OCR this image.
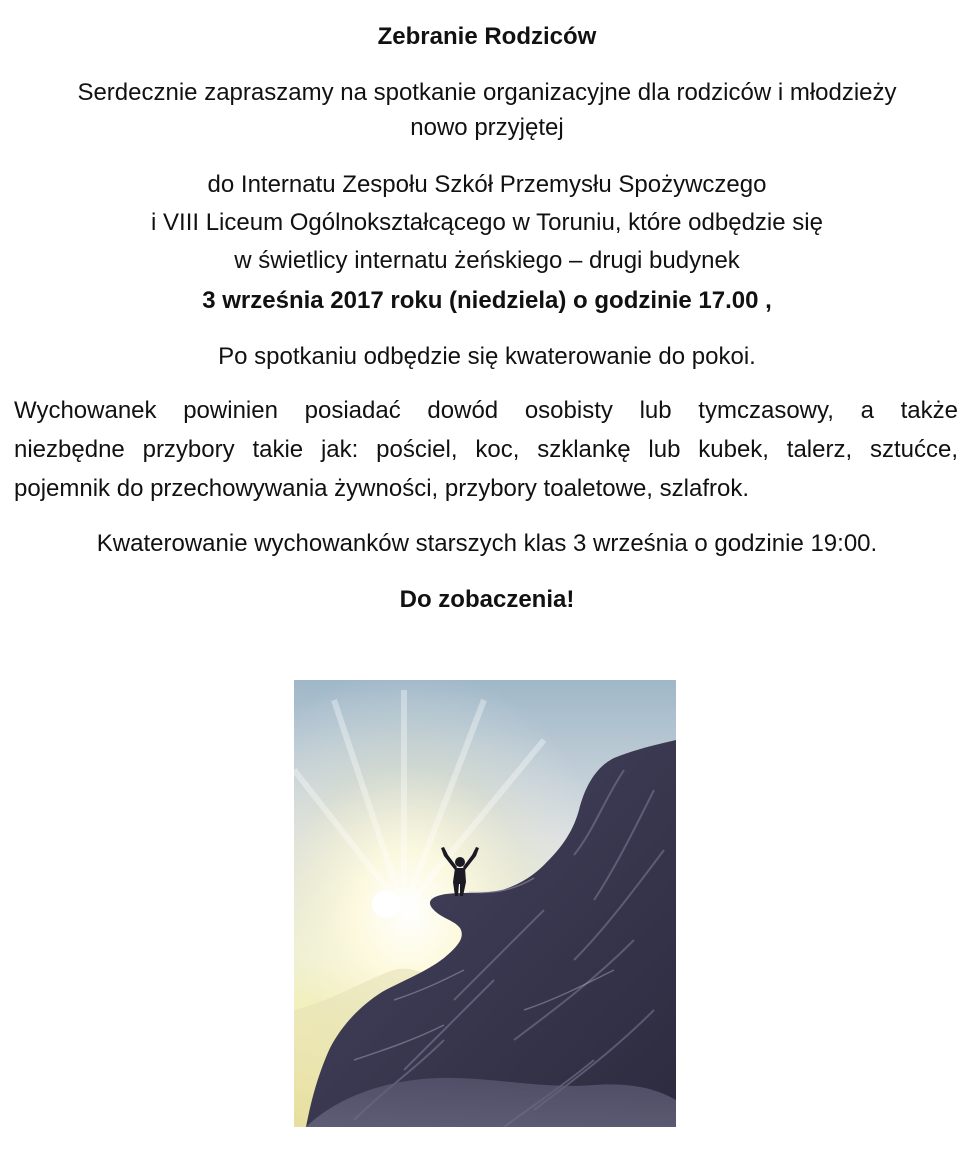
Zebranie Rodziców
Serdecznie zapraszamy na spotkanie organizacyjne dla rodziców i młodzieży
nowo przyjętej
do Internatu Zespołu Szkół Przemysłu Spożywczego
i VIII Liceum Ogólnokształcącego w Toruniu, które odbędzie się
w świetlicy internatu żeńskiego – drugi budynek
3 września 2017 roku (niedziela) o godzinie 17.00 ,
Po spotkaniu odbędzie się kwaterowanie do pokoi.
Wychowanek powinien posiadać dowód osobisty lub tymczasowy, a także
niezbędne przybory takie jak: pościel, koc, szklankę lub kubek, talerz, sztućce,
pojemnik do przechowywania żywności, przybory toaletowe, szlafrok.
Kwaterowanie wychowanków starszych klas 3 września o godzinie 19:00.
Do zobaczenia!
